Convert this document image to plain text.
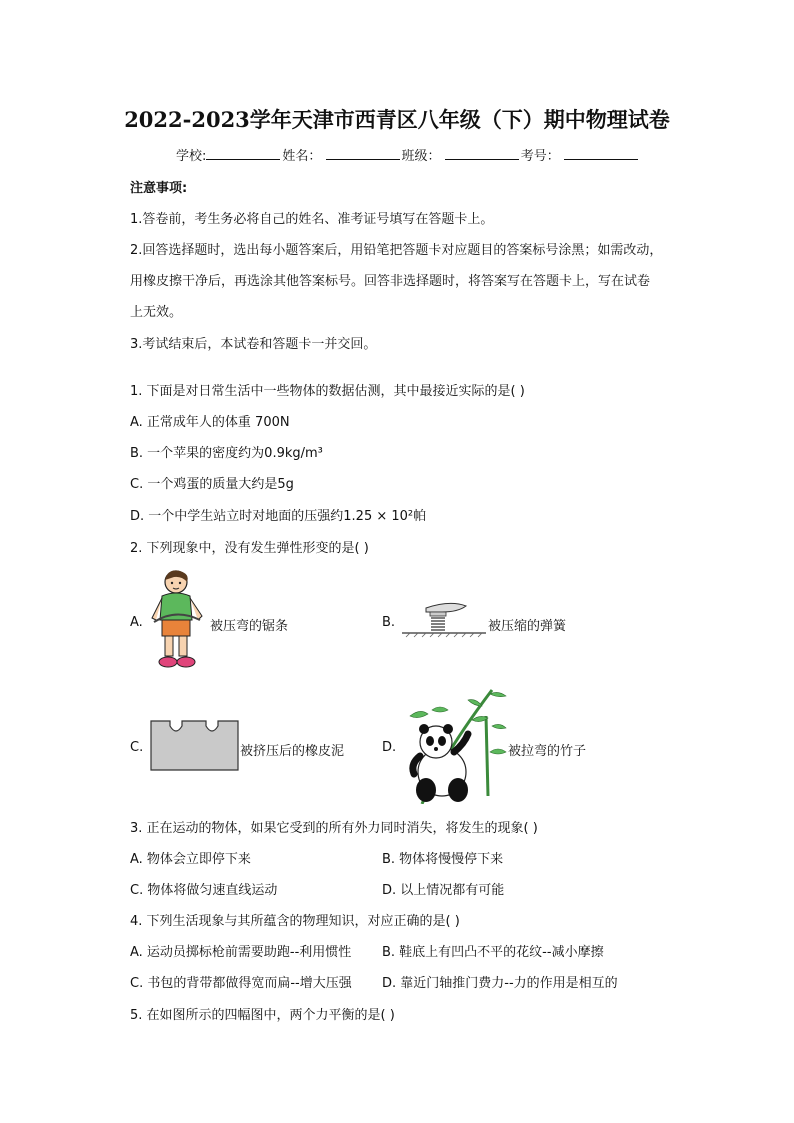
2022-2023学年天津市西青区八年级（下）期中物理试卷
学校:	姓名：	班级：	考号：
注意事项:
1.答卷前，考生务必将自己的姓名、准考证号填写在答题卡上。
2.回答选择题时，选出每小题答案后，用铅笔把答题卡对应题目的答案标号涂黑；如需改动，
用橡皮擦干净后，再选涂其他答案标号。回答非选择题时，将答案写在答题卡上，写在试卷
上无效。
3.考试结束后，本试卷和答题卡一并交回。
1. 下面是对日常生活中一些物体的数据估测，其中最接近实际的是( )
A. 正常成年人的体重 700N
B. 一个苹果的密度约为0.9kg/m³
C. 一个鸡蛋的质量大约是5g
D. 一个中学生站立时对地面的压强约1.25 × 10²帕
2. 下列现象中，没有发生弹性形变的是( )
A.	被压弯的锯条	B.	被压缩的弹簧
C.	被挤压后的橡皮泥	D.	被拉弯的竹子
3. 正在运动的物体，如果它受到的所有外力同时消失，将发生的现象( )
A. 物体会立即停下来	B. 物体将慢慢停下来
C. 物体将做匀速直线运动	D. 以上情况都有可能
4. 下列生活现象与其所蕴含的物理知识，对应正确的是( )
A. 运动员掷标枪前需要助跑--利用惯性 B. 鞋底上有凹凸不平的花纹--减小摩擦
C. 书包的背带都做得宽而扁--增大压强 D. 靠近门轴推门费力--力的作用是相互的
5. 在如图所示的四幅图中，两个力平衡的是( )
